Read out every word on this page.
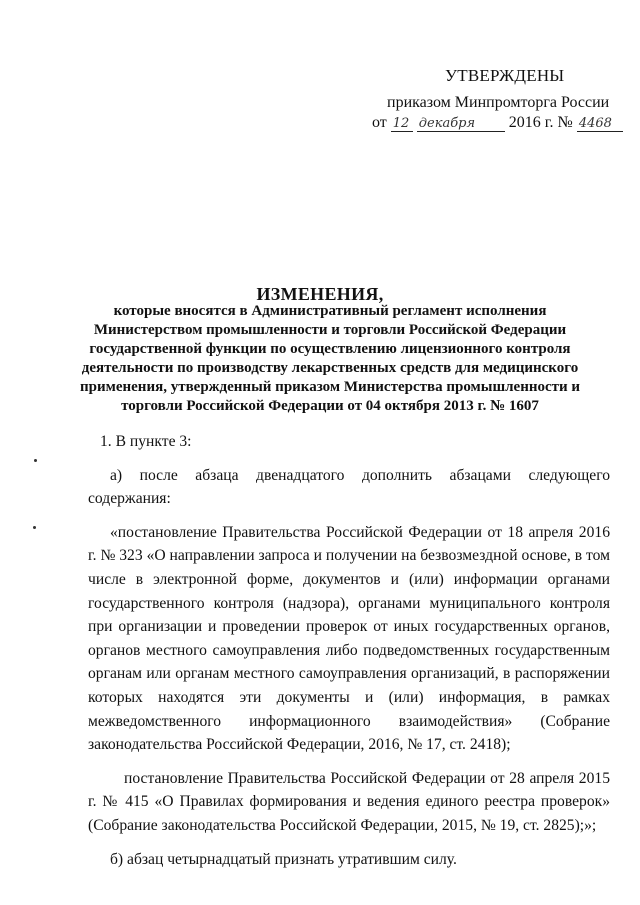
УТВЕРЖДЕНЫ
приказом Минпромторга России
от 12 декабря 2016 г. № 4468
ИЗМЕНЕНИЯ,
которые вносятся в Административный регламент исполнения
Министерством промышленности и торговли Российской Федерации
государственной функции по осуществлению лицензионного контроля
деятельности по производству лекарственных средств для медицинского
применения, утвержденный приказом Министерства промышленности и
торговли Российской Федерации от 04 октября 2013 г. № 1607

1. В пункте 3:

а) после абзаца двенадцатого дополнить абзацами следующего содержания:

«постановление Правительства Российской Федерации от 18 апреля 2016 г. № 323 «О направлении запроса и получении на безвозмездной основе, в том числе в электронной форме, документов и (или) информации органами государственного контроля (надзора), органами муниципального контроля при организации и проведении проверок от иных государственных органов, органов местного самоуправления либо подведомственных государственным органам или органам местного самоуправления организаций, в распоряжении которых находятся эти документы и (или) информация, в рамках межведомственного информационного взаимодействия» (Собрание законодательства Российской Федерации, 2016, № 17, ст. 2418);

постановление Правительства Российской Федерации от 28 апреля 2015 г. № 415 «О Правилах формирования и ведения единого реестра проверок» (Собрание законодательства Российской Федерации, 2015, № 19, ст. 2825);»;

б) абзац четырнадцатый признать утратившим силу.
